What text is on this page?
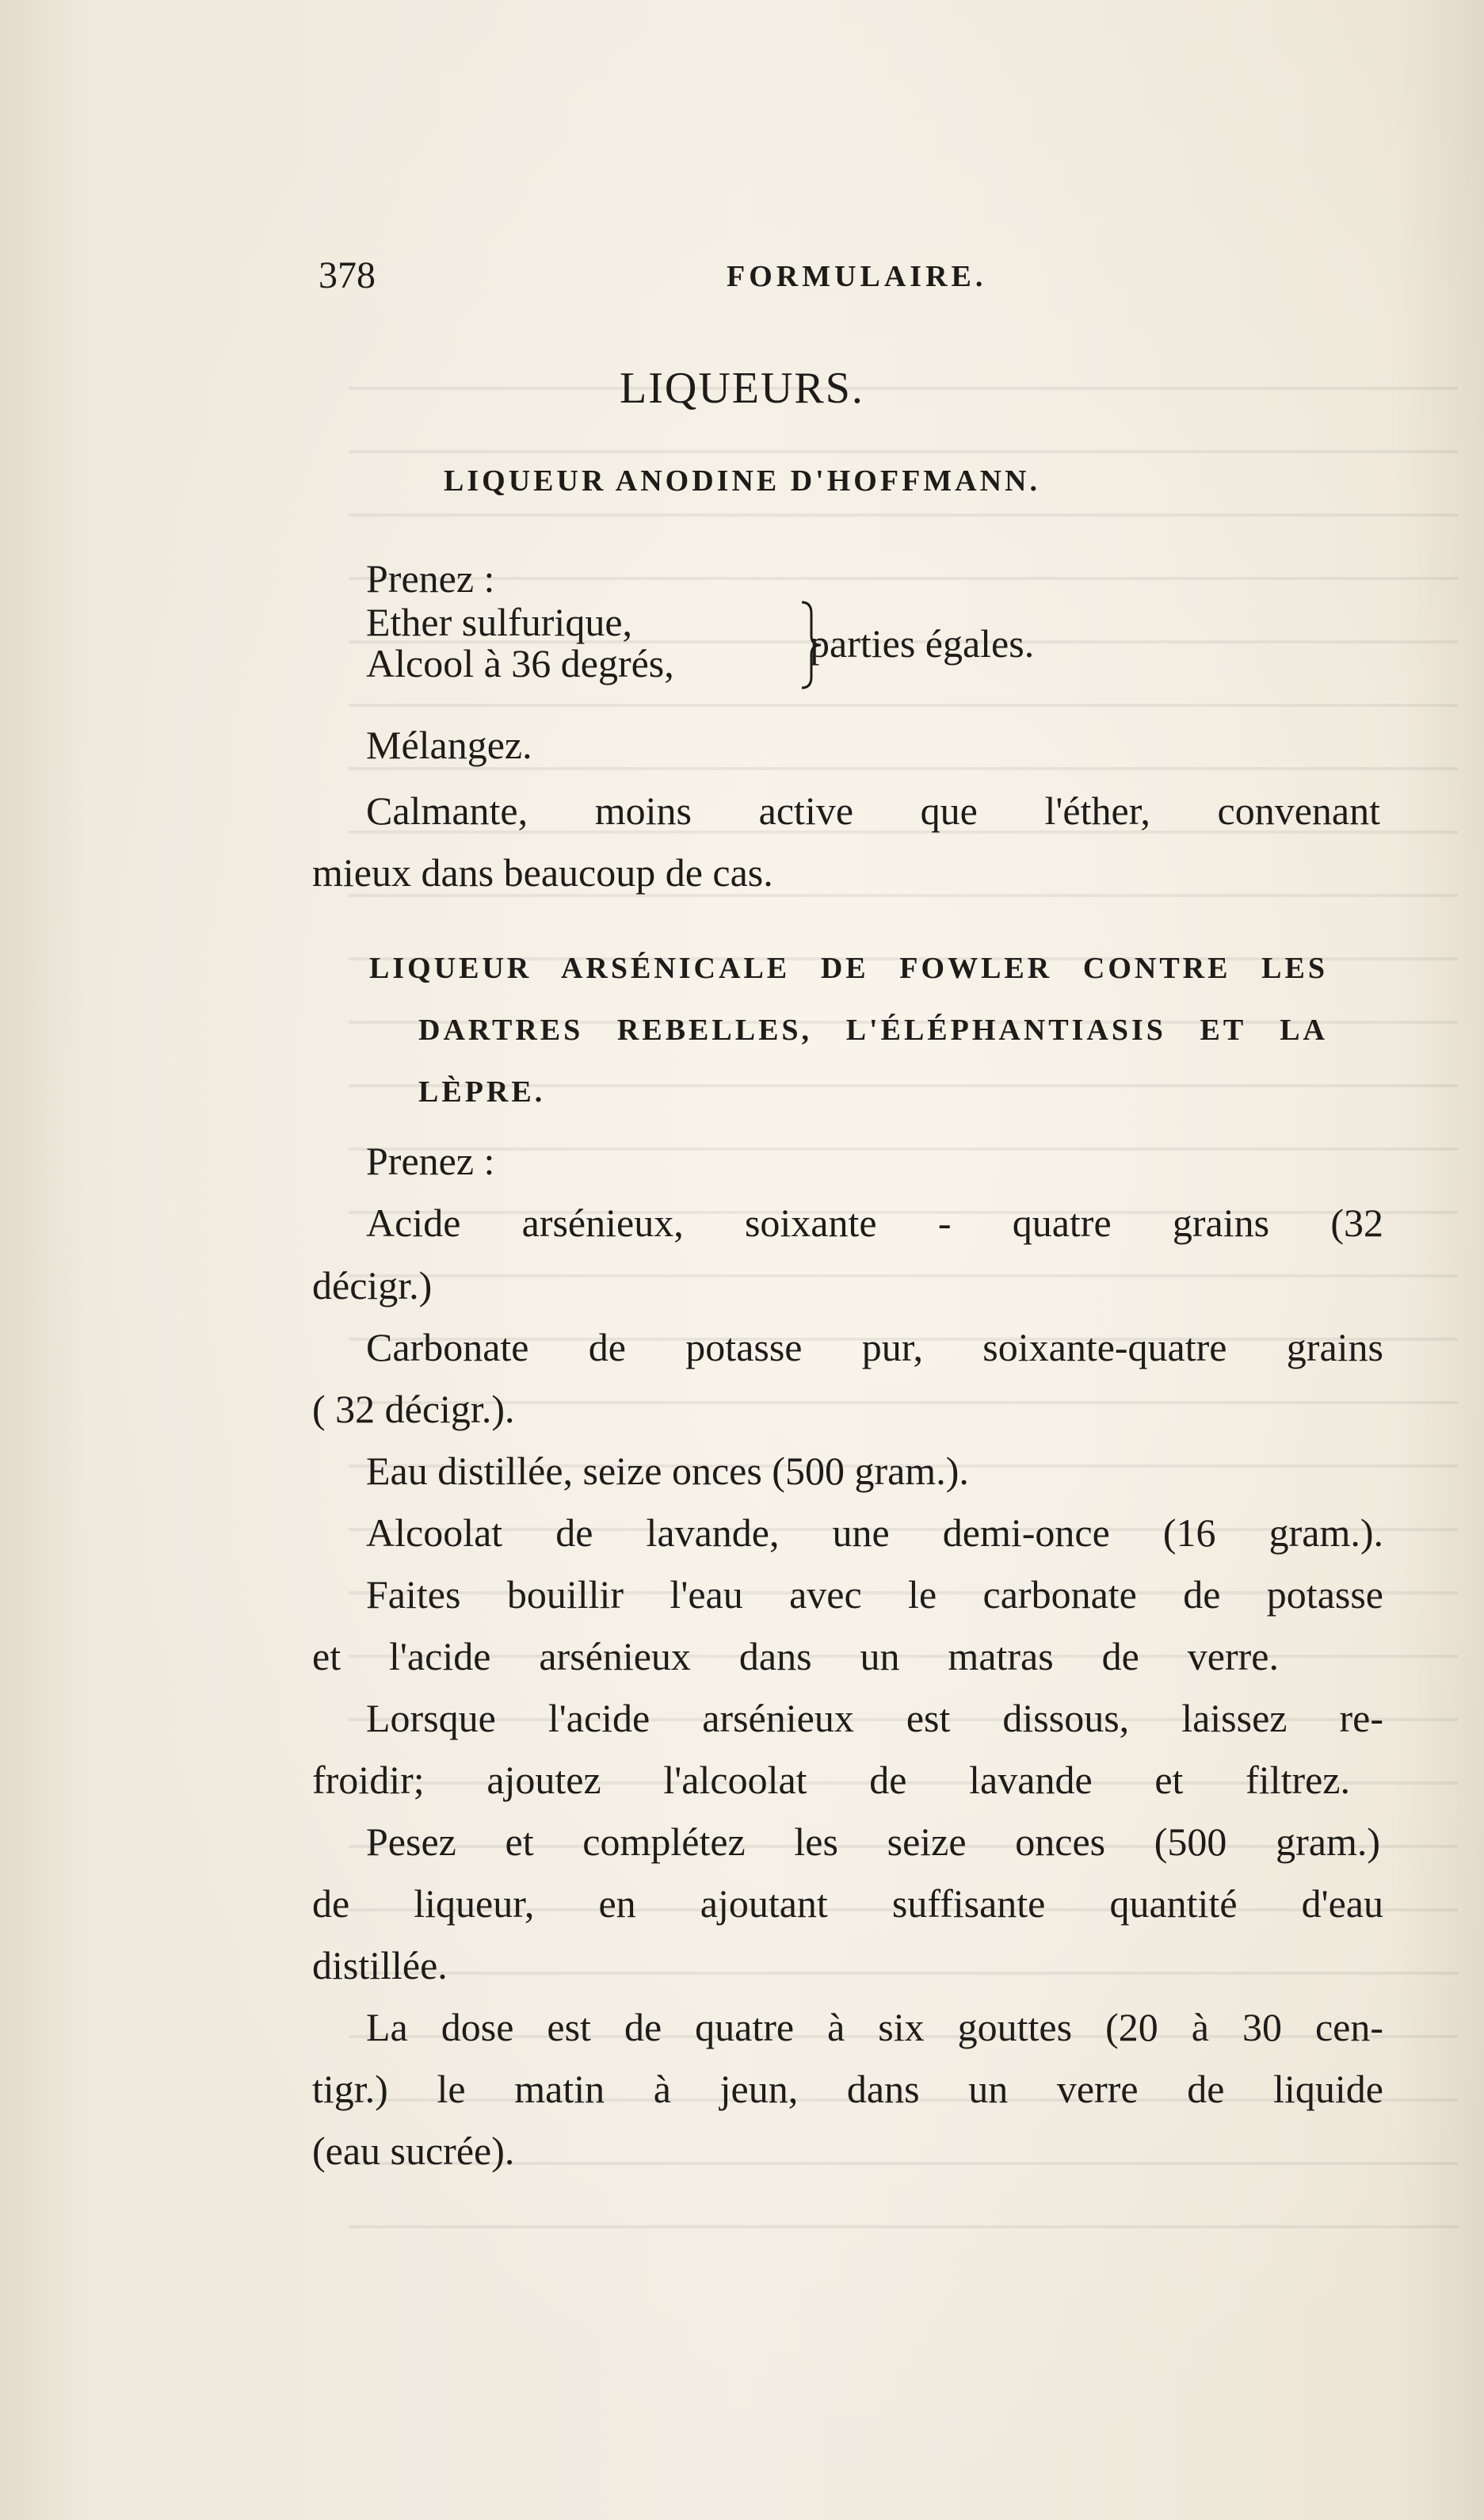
378	FORMULAIRE.
LIQUEURS.
LIQUEUR ANODINE D'HOFFMANN.
Prenez :
Ether sulfurique,
Alcool à 36 degrés,	parties égales.
Mélangez.
Calmante, moins active que l'éther, convenant
mieux dans beaucoup de cas.
LIQUEUR ARSÉNICALE DE FOWLER CONTRE LES
DARTRES REBELLES, L'ÉLÉPHANTIASIS ET LA
LÈPRE.
Prenez :
Acide arsénieux, soixante - quatre grains (32
décigr.)
Carbonate de potasse pur, soixante-quatre grains
( 32 décigr.).
Eau distillée, seize onces (500 gram.).
Alcoolat de lavande, une demi-once (16 gram.).
Faites bouillir l'eau avec le carbonate de potasse
et l'acide arsénieux dans un matras de verre.
Lorsque l'acide arsénieux est dissous, laissez re-
froidir; ajoutez l'alcoolat de lavande et filtrez.
Pesez et complétez les seize onces (500 gram.)
de liqueur, en ajoutant suffisante quantité d'eau
distillée.
La dose est de quatre à six gouttes (20 à 30 cen-
tigr.) le matin à jeun, dans un verre de liquide
(eau sucrée).
